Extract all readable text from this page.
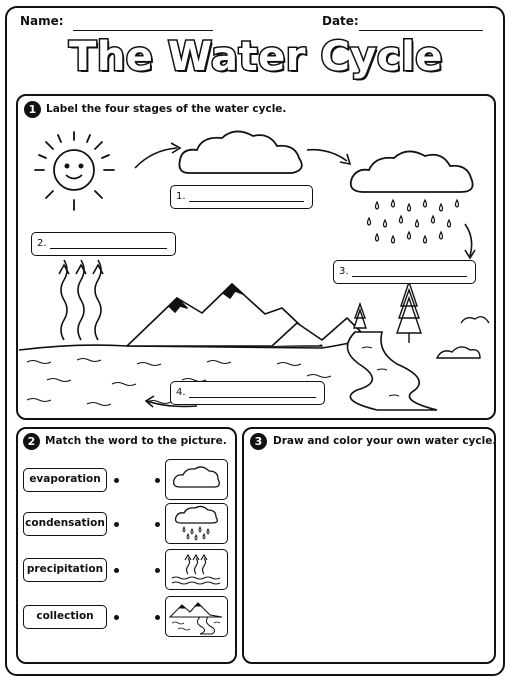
Name:	Date:
The Water Cycle
1 Label the four stages of the water cycle.
1.
2.
3.
4.
2 Match the word to the picture.
evaporation
condensation
precipitation
collection
3	Draw and color your own water cycle.
